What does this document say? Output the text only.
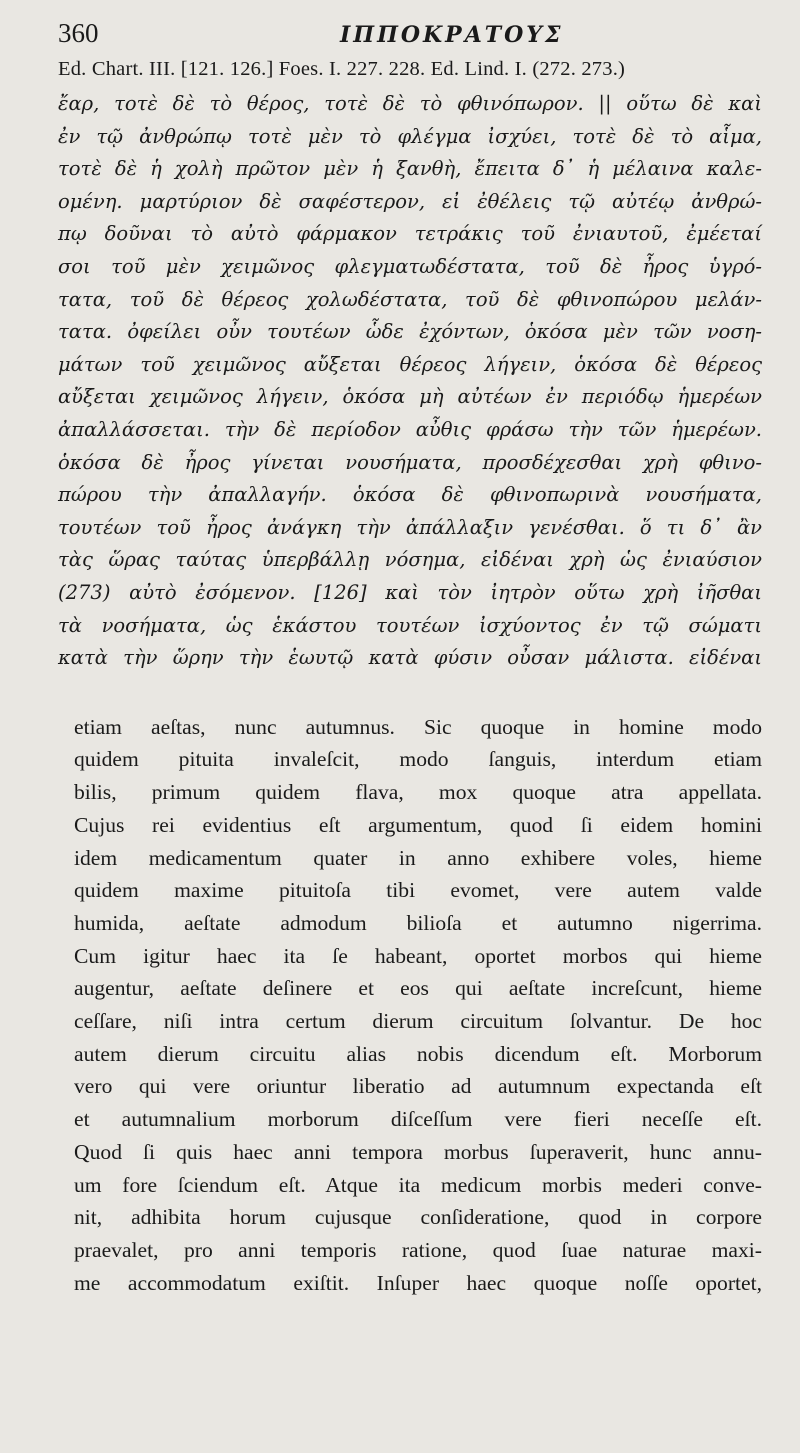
360	ΙΠΠΟΚΡΑΤΟΥΣ
Ed. Chart. III. [121. 126.] Foes. I. 227. 228. Ed. Lind. I. (272. 273.)
ἔαρ, τοτὲ δὲ τὸ θέρος, τοτὲ δὲ τὸ φθινόπωρον. || οὕτω δὲ καὶ
ἐν τῷ ἀνθρώπῳ τοτὲ μὲν τὸ φλέγμα ἰσχύει, τοτὲ δὲ τὸ αἷμα,
τοτὲ δὲ ἡ χολὴ πρῶτον μὲν ἡ ξανθὴ, ἔπειτα δ᾽ ἡ μέλαινα καλε-
ομένη. μαρτύριον δὲ σαφέστερον, εἰ ἐθέλεις τῷ αὐτέῳ ἀνθρώ-
πῳ δοῦναι τὸ αὐτὸ φάρμακον τετράκις τοῦ ἐνιαυτοῦ, ἐμέεταί
σοι τοῦ μὲν χειμῶνος φλεγματωδέστατα, τοῦ δὲ ἦρος ὑγρό-
τατα, τοῦ δὲ θέρεος χολωδέστατα, τοῦ δὲ φθινοπώρου μελάν-
τατα. ὀφείλει οὖν τουτέων ὧδε ἐχόντων, ὁκόσα μὲν τῶν νοση-
μάτων τοῦ χειμῶνος αὔξεται θέρεος λήγειν, ὁκόσα δὲ θέρεος
αὔξεται χειμῶνος λήγειν, ὁκόσα μὴ αὐτέων ἐν περιόδῳ ἡμερέων
ἀπαλλάσσεται. τὴν δὲ περίοδον αὖθις φράσω τὴν τῶν ἡμερέων.
ὁκόσα δὲ ἦρος γίνεται νουσήματα, προσδέχεσθαι χρὴ φθινο-
πώρου τὴν ἀπαλλαγήν. ὁκόσα δὲ φθινοπωρινὰ νουσήματα,
τουτέων τοῦ ἦρος ἀνάγκη τὴν ἀπάλλαξιν γενέσθαι. ὅ τι δ᾽ ἂν
τὰς ὥρας ταύτας ὑπερβάλλῃ νόσημα, εἰδέναι χρὴ ὡς ἐνιαύσιον
(273) αὐτὸ ἐσόμενον. [126] καὶ τὸν ἰητρὸν οὕτω χρὴ ἰῆσθαι
τὰ νοσήματα, ὡς ἑκάστου τουτέων ἰσχύοντος ἐν τῷ σώματι
κατὰ τὴν ὥρην τὴν ἑωυτῷ κατὰ φύσιν οὖσαν μάλιστα. εἰδέναι
etiam aeſtas, nunc autumnus. Sic quoque in homine modo
quidem pituita invaleſcit, modo ſanguis, interdum etiam
bilis, primum quidem flava, mox quoque atra appellata.
Cujus rei evidentius eſt argumentum, quod ſi eidem homini
idem medicamentum quater in anno exhibere voles, hieme
quidem maxime pituitoſa tibi evomet, vere autem valde
humida, aeſtate admodum bilioſa et autumno nigerrima.
Cum igitur haec ita ſe habeant, oportet morbos qui hieme
augentur, aeſtate deſinere et eos qui aeſtate increſcunt, hieme
ceſſare, niſi intra certum dierum circuitum ſolvantur. De hoc
autem dierum circuitu alias nobis dicendum eſt. Morborum
vero qui vere oriuntur liberatio ad autumnum expectanda eſt
et autumnalium morborum diſceſſum vere fieri neceſſe eſt.
Quod ſi quis haec anni tempora morbus ſuperaverit, hunc annu-
um fore ſciendum eſt. Atque ita medicum morbis mederi conve-
nit, adhibita horum cujusque conſideratione, quod in corpore
praevalet, pro anni temporis ratione, quod ſuae naturae maxi-
me accommodatum exiſtit. Inſuper haec quoque noſſe oportet,
